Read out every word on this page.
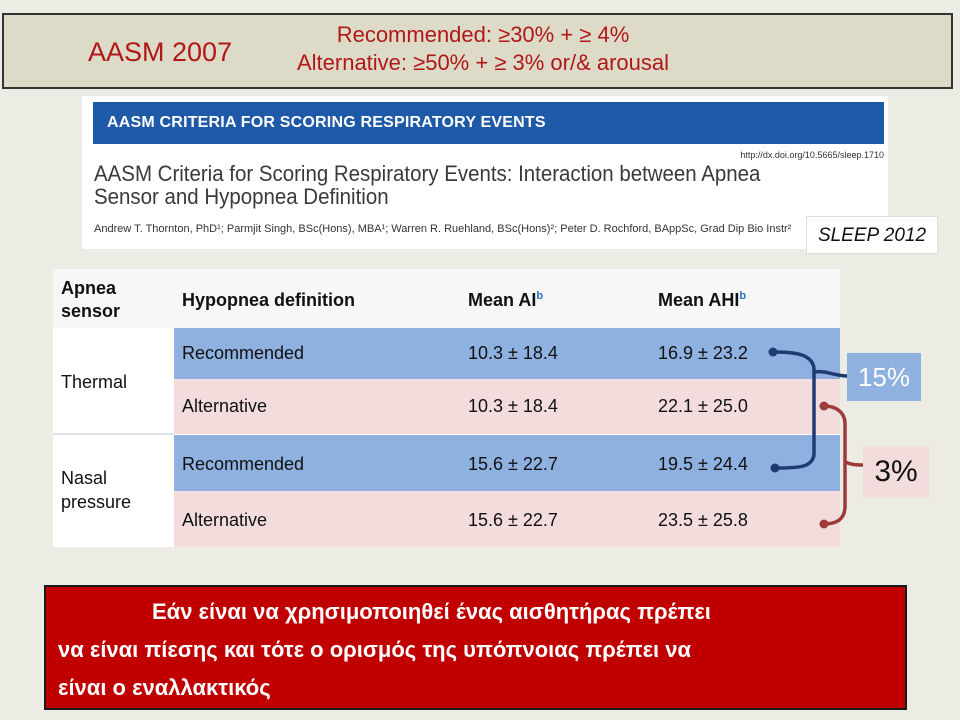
AASM 2007
Recommended: ≥30% + ≥ 4%
Alternative: ≥50% + ≥ 3% or/& arousal
AASM CRITERIA FOR SCORING RESPIRATORY EVENTS
http://dx.doi.org/10.5665/sleep.1710
AASM Criteria for Scoring Respiratory Events: Interaction between Apnea
Sensor and Hypopnea Definition
Andrew T. Thornton, PhD¹; Parmjit Singh, BSc(Hons), MBA¹; Warren R. Ruehland, BSc(Hons)²; Peter D. Rochford, BAppSc, Grad Dip Bio Instr²	SLEEP 2012
Apnea
sensor
Hypopnea definition	Mean $AI^b$	Mean AHI$^b$
Thermal
Recommended	10.3 ± 18.4	16.9 ± 23.2
Alternative	10.3 ± 18.4	22.1 ± 25.0
Nasal
pressure
Recommended	15.6 ± 22.7	19.5 ± 24.4
Alternative	15.6 ± 22.7	23.5 ± 25.8
15%
3%
Εάν είναι να χρησιμοποιηθεί ένας αισθητήρας πρέπει
να είναι πίεσης και τότε ο ορισμός της υπόπνοιας πρέπει να
είναι ο εναλλακτικός
